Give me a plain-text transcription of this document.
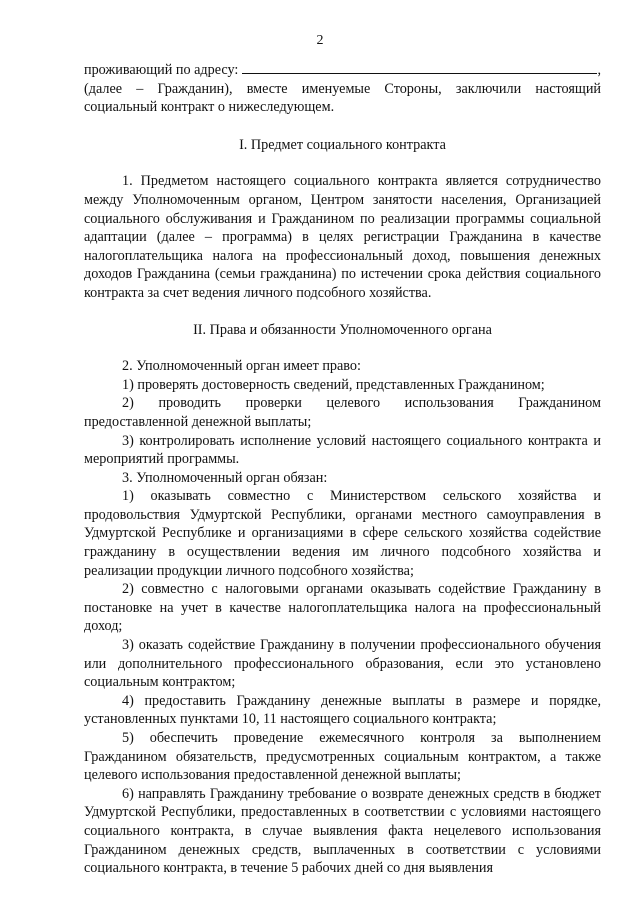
2
проживающий по адресу:	,

(далее – Гражданин), вместе именуемые Стороны, заключили настоящий социальный контракт о нижеследующем.

I. Предмет социального контракта

1. Предметом настоящего социального контракта является сотрудничество между Уполномоченным органом, Центром занятости населения, Организацией социального обслуживания и Гражданином по реализации программы социальной адаптации (далее – программа) в целях регистрации Гражданина в качестве налогоплательщика налога на профессиональный доход, повышения денежных доходов Гражданина (семьи гражданина) по истечении срока действия социального контракта за счет ведения личного подсобного хозяйства.

II. Права и обязанности Уполномоченного органа

2. Уполномоченный орган имеет право:

1) проверять достоверность сведений, представленных Гражданином;

2) проводить проверки целевого использования Гражданином предоставленной денежной выплаты;

3) контролировать исполнение условий настоящего социального контракта и мероприятий программы.

3. Уполномоченный орган обязан:

1) оказывать совместно с Министерством сельского хозяйства и продовольствия Удмуртской Республики, органами местного самоуправления в Удмуртской Республике и организациями в сфере сельского хозяйства содействие гражданину в осуществлении ведения им личного подсобного хозяйства и реализации продукции личного подсобного хозяйства;

2) совместно с налоговыми органами оказывать содействие Гражданину в постановке на учет в качестве налогоплательщика налога на профессиональный доход;

3) оказать содействие Гражданину в получении профессионального обучения или дополнительного профессионального образования, если это установлено социальным контрактом;

4) предоставить Гражданину денежные выплаты в размере и порядке, установленных пунктами 10, 11 настоящего социального контракта;

5) обеспечить проведение ежемесячного контроля за выполнением Гражданином обязательств, предусмотренных социальным контрактом, а также целевого использования предоставленной денежной выплаты;

6) направлять Гражданину требование о возврате денежных средств в бюджет Удмуртской Республики, предоставленных в соответствии с условиями настоящего социального контракта, в случае выявления факта нецелевого использования Гражданином денежных средств, выплаченных в соответствии с условиями социального контракта, в течение 5 рабочих дней со дня выявления
